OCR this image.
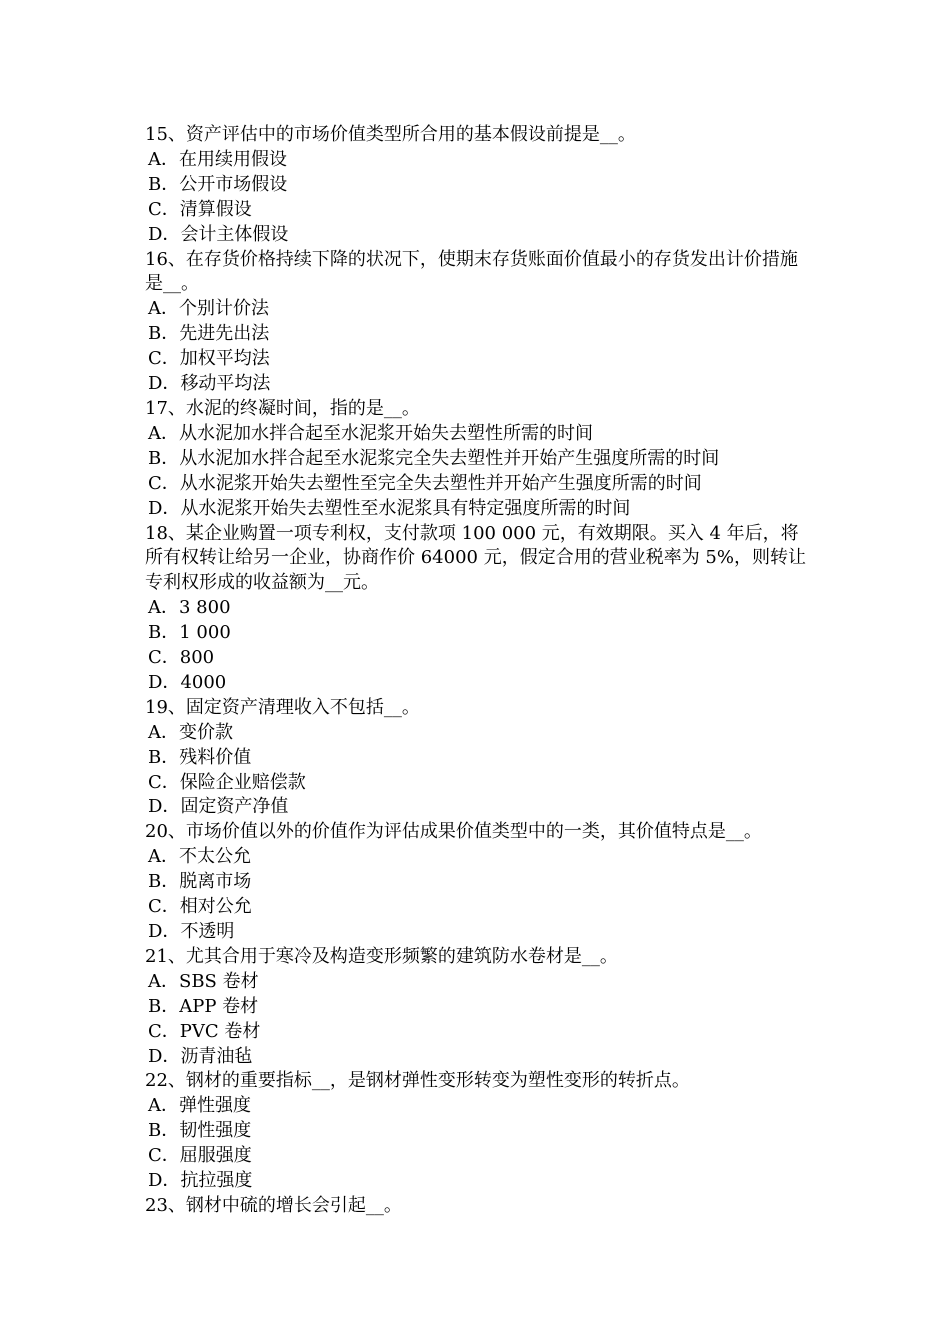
15、资产评估中的市场价值类型所合用的基本假设前提是__。

A．在用续用假设
B．公开市场假设
C．清算假设
D．会计主体假设

16、在存货价格持续下降的状况下，使期末存货账面价值最小的存货发出计价措施是__。

A．个别计价法
B．先进先出法
C．加权平均法
D．移动平均法

17、水泥的终凝时间，指的是__。

A．从水泥加水拌合起至水泥浆开始失去塑性所需的时间
B．从水泥加水拌合起至水泥浆完全失去塑性并开始产生强度所需的时间
C．从水泥浆开始失去塑性至完全失去塑性并开始产生强度所需的时间
D．从水泥浆开始失去塑性至水泥浆具有特定强度所需的时间

18、某企业购置一项专利权，支付款项 100 000 元，有效期限。买入 4 年后，将所有权转让给另一企业，协商作价 64000 元，假定合用的营业税率为 5%，则转让专利权形成的收益额为__元。

A．3 800
B．1 000
C．800
D．4000

19、固定资产清理收入不包括__。

A．变价款
B．残料价值
C．保险企业赔偿款
D．固定资产净值

20、市场价值以外的价值作为评估成果价值类型中的一类，其价值特点是__。

A．不太公允
B．脱离市场
C．相对公允
D．不透明

21、尤其合用于寒冷及构造变形频繁的建筑防水卷材是__。

A．SBS 卷材
B．APP 卷材
C．PVC 卷材
D．沥青油毡

22、钢材的重要指标__，是钢材弹性变形转变为塑性变形的转折点。

A．弹性强度
B．韧性强度
C．屈服强度
D．抗拉强度

23、钢材中硫的增长会引起__。
